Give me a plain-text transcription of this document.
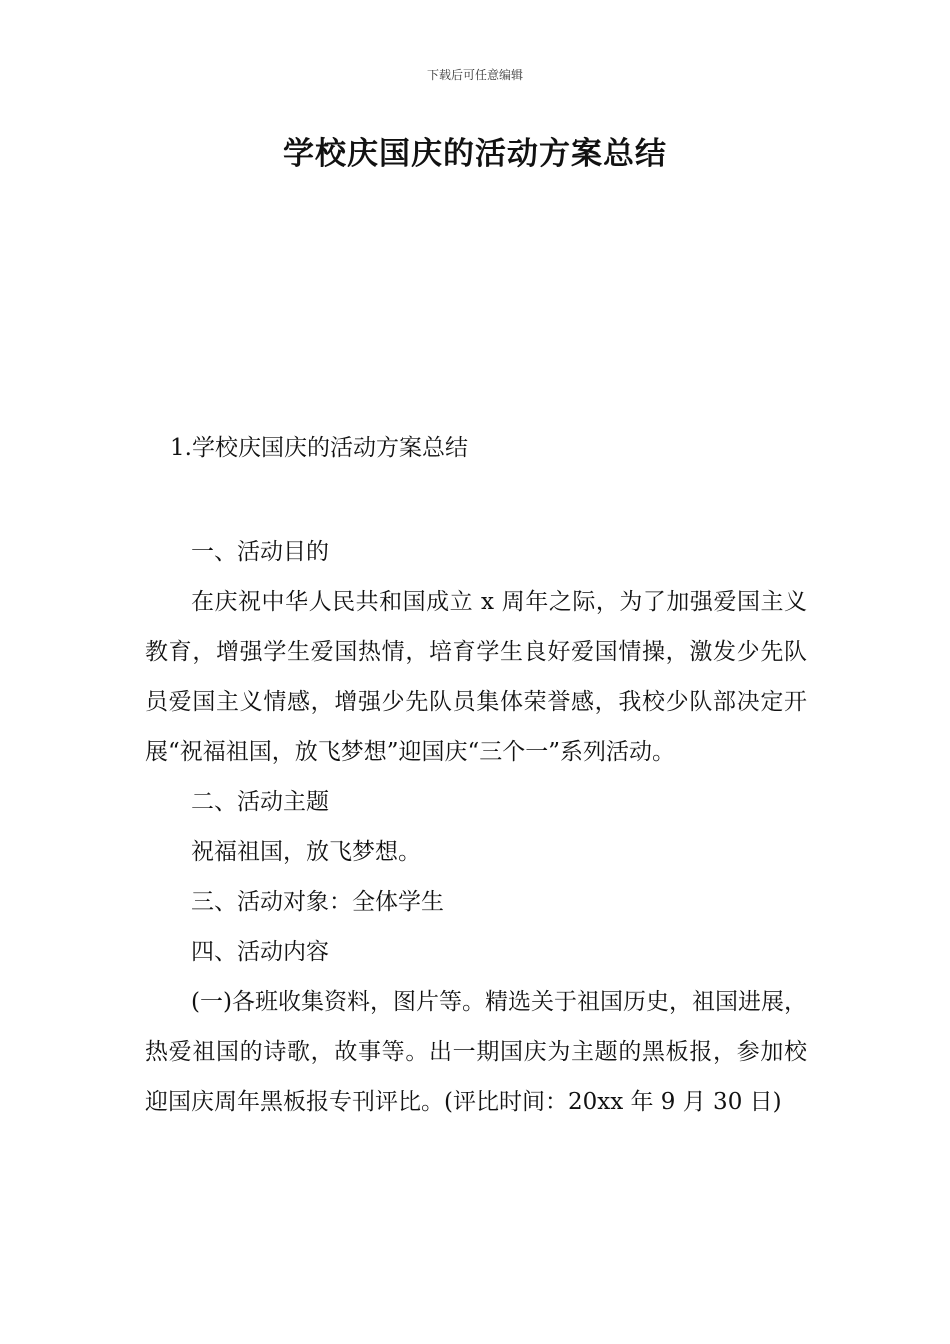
下载后可任意编辑
学校庆国庆的活动方案总结
1.学校庆国庆的活动方案总结

一、活动目的

在庆祝中华人民共和国成立 x 周年之际，为了加强爱国主义教育，增强学生爱国热情，培育学生良好爱国情操，激发少先队员爱国主义情感，增强少先队员集体荣誉感，我校少队部决定开展“祝福祖国，放飞梦想”迎国庆“三个一”系列活动。

二、活动主题

祝福祖国，放飞梦想。

三、活动对象：全体学生

四、活动内容

(一)各班收集资料，图片等。精选关于祖国历史，祖国进展，热爱祖国的诗歌，故事等。出一期国庆为主题的黑板报，参加校迎国庆周年黑板报专刊评比。(评比时间：20xx 年 9 月 30 日)
